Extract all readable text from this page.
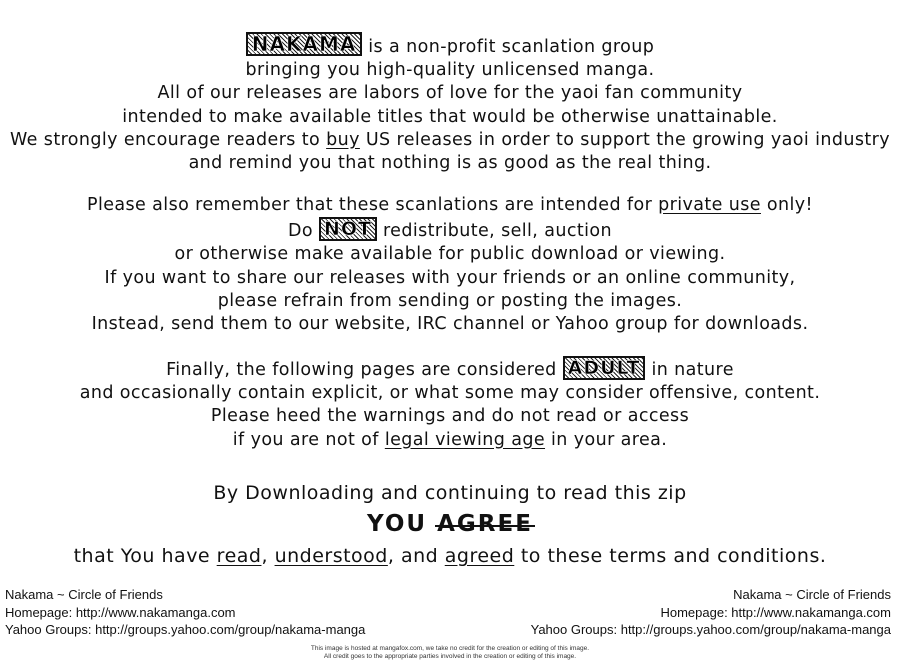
NAKAMA is a non-profit scanlation group
bringing you high-quality unlicensed manga.
All of our releases are labors of love for the yaoi fan community
intended to make available titles that would be otherwise unattainable.
We strongly encourage readers to buy US releases in order to support the growing yaoi industry
and remind you that nothing is as good as the real thing.
Please also remember that these scanlations are intended for private use only!
Do NOT redistribute, sell, auction
or otherwise make available for public download or viewing.
If you want to share our releases with your friends or an online community,
please refrain from sending or posting the images.
Instead, send them to our website, IRC channel or Yahoo group for downloads.
Finally, the following pages are considered ADULT in nature
and occasionally contain explicit, or what some may consider offensive, content.
Please heed the warnings and do not read or access
if you are not of legal viewing age in your area.
By Downloading and continuing to read this zip
YOU AGREE
that You have read, understood, and agreed to these terms and conditions.
Nakama ~ Circle of Friends
Homepage: http://www.nakamanga.com
Yahoo Groups: http://groups.yahoo.com/group/nakama-manga
Nakama ~ Circle of Friends
Homepage: http://www.nakamanga.com
Yahoo Groups: http://groups.yahoo.com/group/nakama-manga
This image is hosted at mangafox.com, we take no credit for the creation or editing of this image.
All credit goes to the appropriate parties involved in the creation or editing of this image.
